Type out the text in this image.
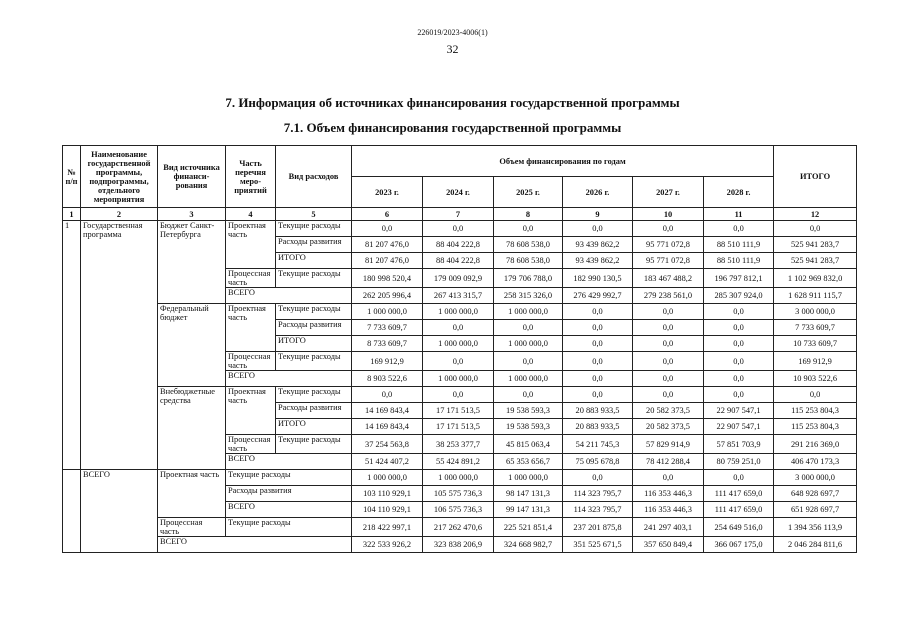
226019/2023-4006(1)
32
7. Информация об источниках финансирования государственной программы
7.1. Объем финансирования государственной программы
№ п/п	Наименование государственной программы, подпрограммы, отдельного мероприятия	Вид источника финанси-рования	Часть перечня меро-приятий	Вид расходов	Объем финансирования по годам						ИТОГО
					2023 г.	2024 г.	2025 г.	2026 г.	2027 г.	2028 г.	
1	2	3	4	5	6	7	8	9	10	11	12
1	Государственная программа	Бюджет Санкт-Петербурга	Проектная часть	Текущие расходы	0,0	0,0	0,0	0,0	0,0	0,0	0,0
				Расходы развития	81 207 476,0	88 404 222,8	78 608 538,0	93 439 862,2	95 771 072,8	88 510 111,9	525 941 283,7
				ИТОГО	81 207 476,0	88 404 222,8	78 608 538,0	93 439 862,2	95 771 072,8	88 510 111,9	525 941 283,7
			Процессная часть	Текущие расходы	180 998 520,4	179 009 092,9	179 706 788,0	182 990 130,5	183 467 488,2	196 797 812,1	1 102 969 832,0
			ВСЕГО		262 205 996,4	267 413 315,7	258 315 326,0	276 429 992,7	279 238 561,0	285 307 924,0	1 628 911 115,7
		Федеральный бюджет	Проектная часть	Текущие расходы	1 000 000,0	1 000 000,0	1 000 000,0	0,0	0,0	0,0	3 000 000,0
				Расходы развития	7 733 609,7	0,0	0,0	0,0	0,0	0,0	7 733 609,7
				ИТОГО	8 733 609,7	1 000 000,0	1 000 000,0	0,0	0,0	0,0	10 733 609,7
			Процессная часть	Текущие расходы	169 912,9	0,0	0,0	0,0	0,0	0,0	169 912,9
			ВСЕГО		8 903 522,6	1 000 000,0	1 000 000,0	0,0	0,0	0,0	10 903 522,6
		Внебюджетные средства	Проектная часть	Текущие расходы	0,0	0,0	0,0	0,0	0,0	0,0	0,0
				Расходы развития	14 169 843,4	17 171 513,5	19 538 593,3	20 883 933,5	20 582 373,5	22 907 547,1	115 253 804,3
				ИТОГО	14 169 843,4	17 171 513,5	19 538 593,3	20 883 933,5	20 582 373,5	22 907 547,1	115 253 804,3
			Процессная часть	Текущие расходы	37 254 563,8	38 253 377,7	45 815 063,4	54 211 745,3	57 829 914,9	57 851 703,9	291 216 369,0
			ВСЕГО		51 424 407,2	55 424 891,2	65 353 656,7	75 095 678,8	78 412 288,4	80 759 251,0	406 470 173,3
	ВСЕГО	Проектная часть	Текущие расходы		1 000 000,0	1 000 000,0	1 000 000,0	0,0	0,0	0,0	3 000 000,0
			Расходы развития		103 110 929,1	105 575 736,3	98 147 131,3	114 323 795,7	116 353 446,3	111 417 659,0	648 928 697,7
			ВСЕГО		104 110 929,1	106 575 736,3	99 147 131,3	114 323 795,7	116 353 446,3	111 417 659,0	651 928 697,7
		Процессная часть	Текущие расходы		218 422 997,1	217 262 470,6	225 521 851,4	237 201 875,8	241 297 403,1	254 649 516,0	1 394 356 113,9
		ВСЕГО			322 533 926,2	323 838 206,9	324 668 982,7	351 525 671,5	357 650 849,4	366 067 175,0	2 046 284 811,6
